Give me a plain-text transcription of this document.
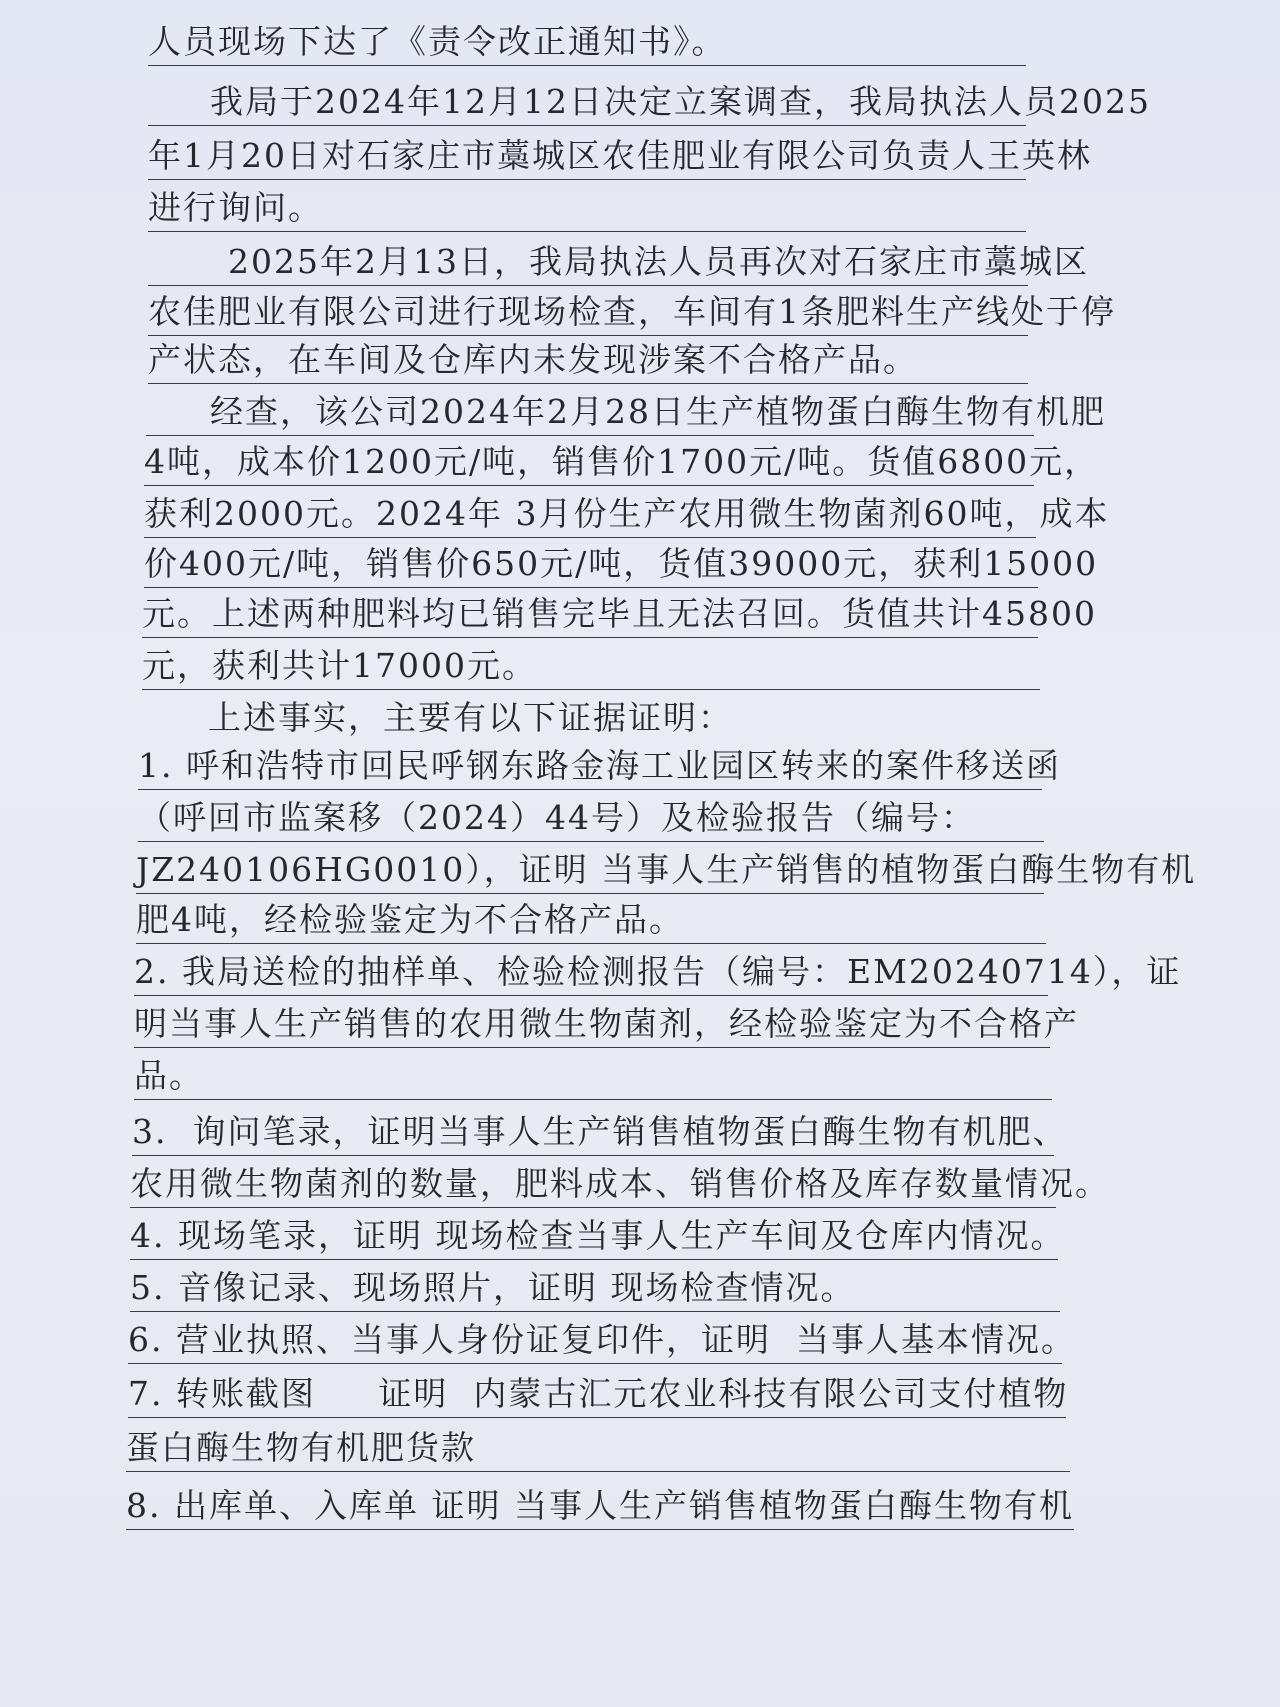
人员现场下达了《责令改正通知书》。
我局于2024年12月12日决定立案调查，我局执法人员2025
年1月20日对石家庄市藁城区农佳肥业有限公司负责人王英林
进行询问。
2025年2月13日，我局执法人员再次对石家庄市藁城区
农佳肥业有限公司进行现场检查，车间有1条肥料生产线处于停
产状态，在车间及仓库内未发现涉案不合格产品。
经查，该公司2024年2月28日生产植物蛋白酶生物有机肥
4吨，成本价1200元/吨，销售价1700元/吨。货值6800元，
获利2000元。2024年 3月份生产农用微生物菌剂60吨，成本
价400元/吨，销售价650元/吨，货值39000元，获利15000
元。上述两种肥料均已销售完毕且无法召回。货值共计45800
元，获利共计17000元。
上述事实，主要有以下证据证明：
1. 呼和浩特市回民呼钢东路金海工业园区转来的案件移送函
（呼回市监案移（2024）44号）及检验报告（编号：
JZ240106HG0010），证明 当事人生产销售的植物蛋白酶生物有机
肥4吨，经检验鉴定为不合格产品。
2. 我局送检的抽样单、检验检测报告（编号：EM20240714），证
明当事人生产销售的农用微生物菌剂，经检验鉴定为不合格产
品。
3.  询问笔录，证明当事人生产销售植物蛋白酶生物有机肥、
农用微生物菌剂的数量，肥料成本、销售价格及库存数量情况。
4. 现场笔录，证明 现场检查当事人生产车间及仓库内情况。
5. 音像记录、现场照片，证明 现场检查情况。
6. 营业执照、当事人身份证复印件，证明  当事人基本情况。
7. 转账截图     证明  内蒙古汇元农业科技有限公司支付植物
蛋白酶生物有机肥货款
8. 出库单、入库单 证明 当事人生产销售植物蛋白酶生物有机
